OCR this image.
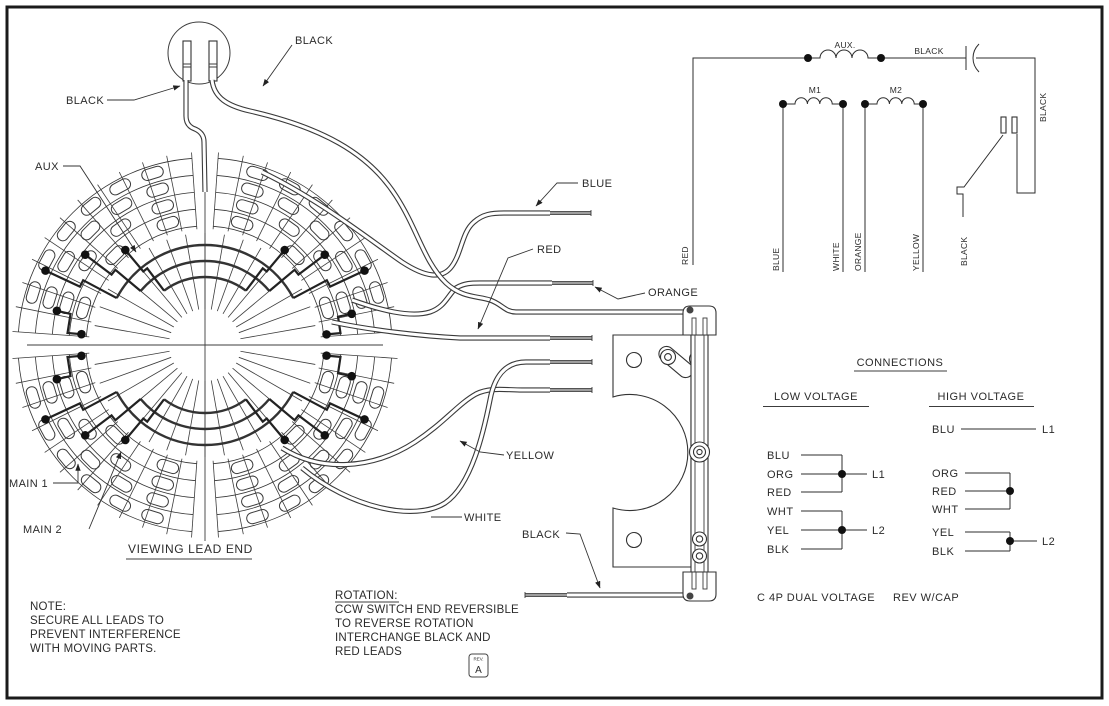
BLACK
BLACK
AUX
MAIN 1
MAIN 2
BLUE
RED
ORANGE
YELLOW
WHITE
BLACK
VIEWING LEAD END
NOTE:
SECURE ALL LEADS TO
PREVENT INTERFERENCE
WITH MOVING PARTS.
ROTATION:
CCW SWITCH END REVERSIBLE
TO REVERSE ROTATION
INTERCHANGE BLACK AND
RED LEADS
REV.
A
AUX.
M1	M2
BLACK
RED	BLUE	WHITE ORANGE	YELLOW	BLACK
BLACK
CONNECTIONS
LOW VOLTAGE
BLU
ORG
RED
WHT
YEL
BLK
L1
L2
HIGH VOLTAGE
BLU	L1
ORG
RED
WHT
YEL
BLK
L2
C 4P DUAL VOLTAGE REV W/CAP
